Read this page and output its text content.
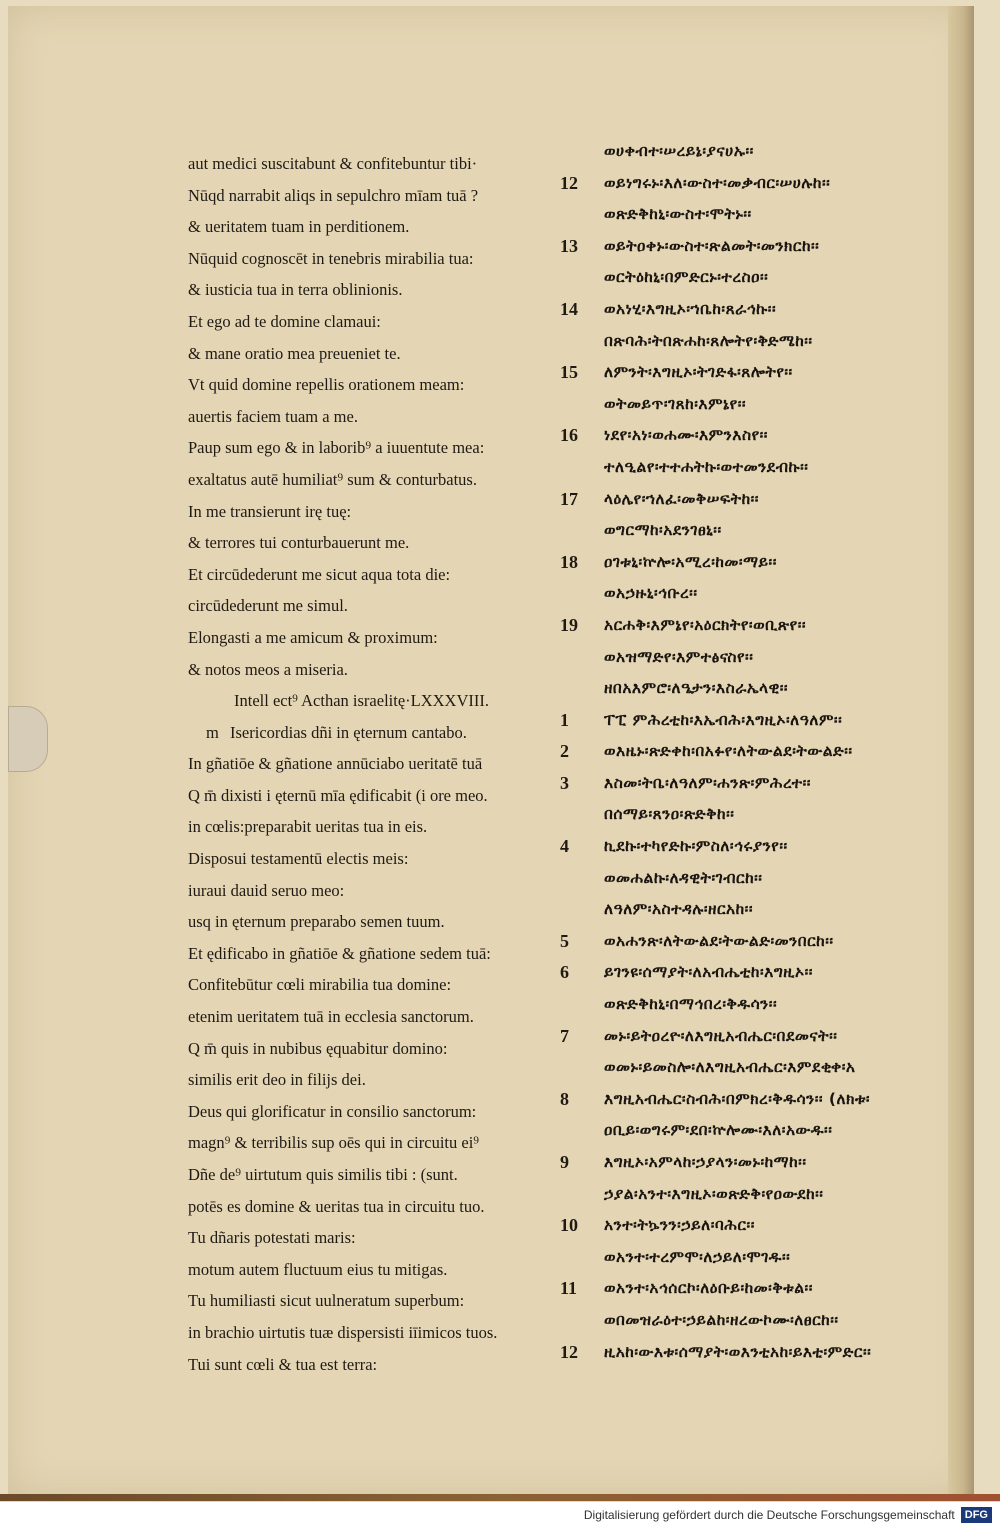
aut medici suscitabunt & confitebuntur tibi·
Nūqd narrabit aliqs in sepulchro mīam tuā ?
& ueritatem tuam in perditionem.
Nūquid cognoscēt in tenebris mirabilia tua:
& iusticia tua in terra oblinionis.
Et ego ad te domine clamaui:
& mane oratio mea preueniet te.
Vt quid domine repellis orationem meam:
auertis faciem tuam a me.
Paup sum ego & in laborib⁹ a iuuentute mea:
exaltatus autē humiliat⁹ sum & conturbatus.
In me transierunt irę tuę:
& terrores tui conturbauerunt me.
Et circūdederunt me sicut aqua tota die:
circūdederunt me simul.
Elongasti a me amicum & proximum:
& notos meos a miseria.
Intell ect⁹ Acthan israelitę·LXXXVIII.
m Isericordias dñi in ęternum cantabo.
In gñatiōe & gñatione annūciabo ueritatē tuā
Q m̄ dixisti i ęternū mīa ędificabit (i ore meo.
in cœlis:preparabit ueritas tua in eis.
Disposui testamentū electis meis:
iuraui dauid seruo meo:
usq in ęternum preparabo semen tuum.
Et ędificabo in gñatiōe & gñatione sedem tuā:
Confitebūtur cœli mirabilia tua domine:
etenim ueritatem tuā in ecclesia sanctorum.
Q m̄ quis in nubibus ęquabitur domino:
similis erit deo in filijs dei.
Deus qui glorificatur in consilio sanctorum:
magn⁹ & terribilis sup oēs qui in circuitu ei⁹
Dñe de⁹ uirtutum quis similis tibi : (sunt.
potēs es domine & ueritas tua in circuitu tuo.
Tu dñaris potestati maris:
motum autem fluctuum eius tu mitigas.
Tu humiliasti sicut uulneratum superbum:
in brachio uirtutis tuæ dispersisti iīimicos tuos.
Tui sunt cœli & tua est terra:
ወሀቀብተ፡ሠረይኔ፡ያናሀኡ፡፡
12	ወይነግሩኑ፡እለ፡ውስተ፡መቃብር፡ሠሀሉከ፡፡
ወጽድቅከኒ፡ውስተ፡ሞትኑ፡፡
13	ወይትዐቀኑ፡ውስተ፡ጽልመት፡መንክርከ፡፡
ወርትዕከኒ፡በምድርኑ፡ተረስዐ፡፡
14	ወአነሂ፡እግዚኦ፡ኀቤከ፡ጸራኅኩ፡፡
በጽባሕ፡ትበጽሐከ፡ጸሎትየ፡ቅድሜከ፡፡
15	ለምንት፡እግዚኦ፡ትገድፋ፡ጸሎትየ፡፡
ወትመይጥ፡ገጸከ፡እምኔየ፡፡
16	ነደየ፡አነ፡ወሐሙ፡እምንእስየ፡፡
ተለዒልየ፡ተተሐትኩ፡ወተመንደብኩ፡፡
17	ላዕሌየ፡ኀለፈ፡መቅሠፍትከ፡፡
ወግርማከ፡አደንገፀኒ፡፡
18	ዐገቱኒ፡ኵሎ፡አሚረ፡ከመ፡ማይ፡፡
ወአኃዙኒ፡ኅቡረ፡፡
19	አርሐቅ፡እምኔየ፡አዕርክትየ፡ወቢጽየ፡፡
ወአዝማድየ፡እምተፅናስየ፡፡
ዘበአእምሮ፡ለዔታን፡እስራኤላዊ፡፡
1	ፐፒ ምሕረቲከ፡እኤብሕ፡እግዚኦ፡ለዓለም፡፡
2	ወእዜኑ፡ጽድቀከ፡በአፉየ፡ለትውልደ፡ትውልድ፡፡
3	እስመ፡ትቤ፡ለዓለም፡ሐንጽ፡ምሕረተ፡፡
በሰማይ፡ጸንዐ፡ጽድቅከ፡፡
4	ኪደኩ፡ተካየድኩ፡ምስለ፡ኅሩያንየ፡፡
ወመሐልኩ፡ለዳዊት፡ገብርከ፡፡
ለዓለም፡አስተዳሉ፡ዘርአከ፡፡
5	ወአሐንጽ፡ለትውልደ፡ትውልድ፡መንበርከ፡፡
6	ይገንዩ፡ሰማያት፡ለአብሔቲከ፡እግዚኦ፡፡
ወጽድቅከኒ፡በማኅበረ፡ቅዱሳን፡፡
7	መኑ፡ይትዐረዮ፡ለእግዚአብሔር፡በደመናት፡፡
ወመኑ፡ይመስሎ፡ለእግዚአብሔር፡እምደቂቀ፡አ
8	እግዚአብሔር፡ስብሕ፡በምክረ፡ቅዱሳን፡፡ (ለክቱ፡
ዐቢይ፡ወግሩም፡ደበ፡ኵሎሙ፡እለ፡አውዱ፡፡
9	እግዚኦ፡አምላከ፡ኃያላን፡መኑ፡ከማከ፡፡
ኃያል፡አንተ፡እግዚኦ፡ወጽድቅ፡የዐውደከ፡፡
10	አንተ፡ትኴንን፡ኃይለ፡ባሕር፡፡
ወአንተ፡ተረምሞ፡ለኃይለ፡ሞገዱ፡፡
11	ወአንተ፡አኅሰርኮ፡ለዕቡይ፡ከመ፡ቅቱል፡፡
ወበመዝራዕተ፡ኃይልከ፡ዘረውኮሙ፡ለፀርከ፡፡
12	ዚአከ፡ውእቱ፡ሰማያት፡ወእንቲአከ፡ይእቲ፡ምድር፡፡
Digitalisierung gefördert durch die Deutsche Forschungsgemeinschaft DFG
